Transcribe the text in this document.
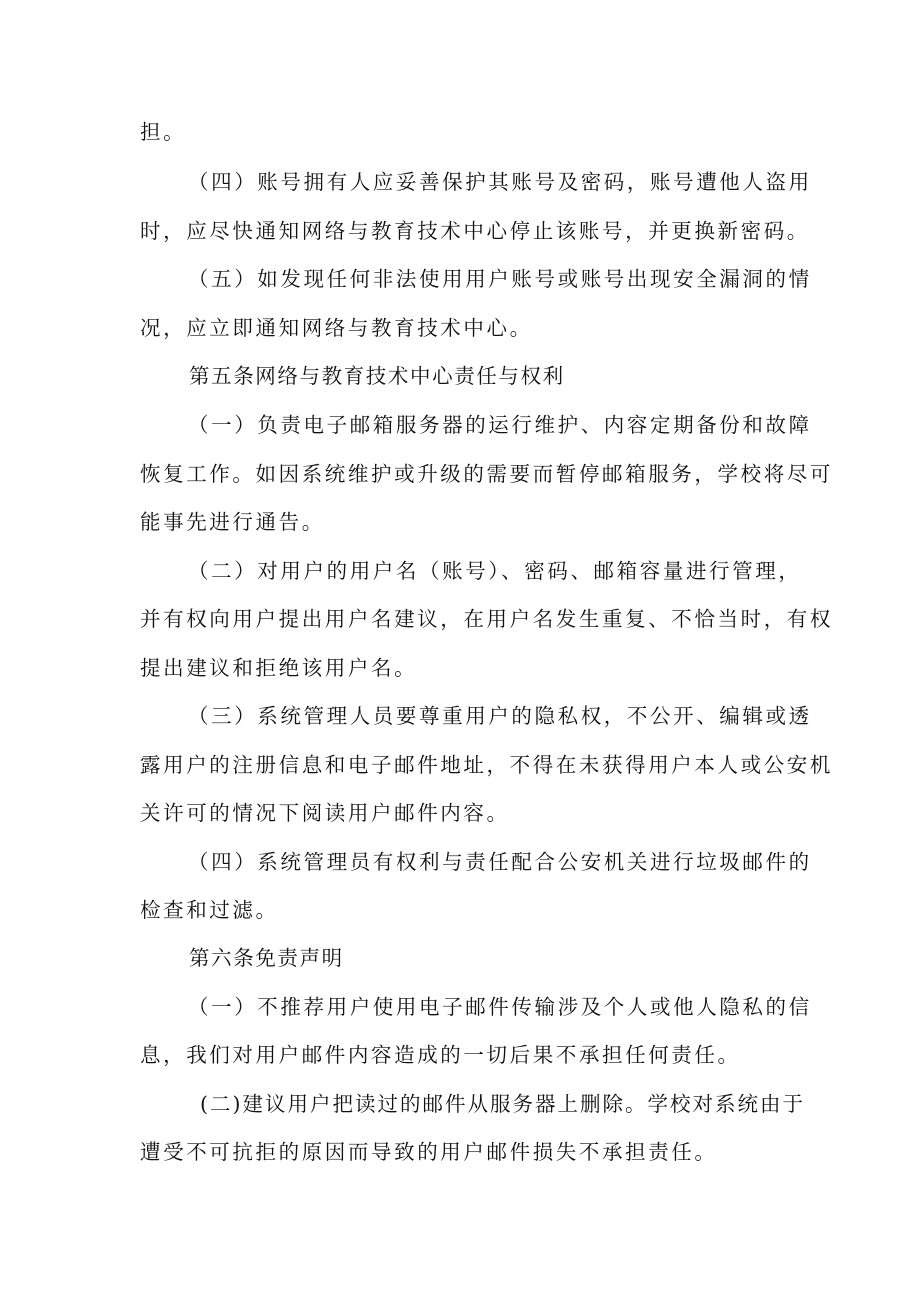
担。
（四）账号拥有人应妥善保护其账号及密码，账号遭他人盗用
时，应尽快通知网络与教育技术中心停止该账号，并更换新密码。
（五）如发现任何非法使用用户账号或账号出现安全漏洞的情
况，应立即通知网络与教育技术中心。
第五条网络与教育技术中心责任与权利
（一）负责电子邮箱服务器的运行维护、内容定期备份和故障
恢复工作。如因系统维护或升级的需要而暂停邮箱服务，学校将尽可
能事先进行通告。
（二）对用户的用户名（账号）、密码、邮箱容量进行管理，
并有权向用户提出用户名建议，在用户名发生重复、不恰当时，有权
提出建议和拒绝该用户名。
（三）系统管理人员要尊重用户的隐私权，不公开、编辑或透
露用户的注册信息和电子邮件地址，不得在未获得用户本人或公安机
关许可的情况下阅读用户邮件内容。
（四）系统管理员有权利与责任配合公安机关进行垃圾邮件的
检查和过滤。
第六条免责声明
（一）不推荐用户使用电子邮件传输涉及个人或他人隐私的信
息，我们对用户邮件内容造成的一切后果不承担任何责任。
(二)建议用户把读过的邮件从服务器上删除。学校对系统由于
遭受不可抗拒的原因而导致的用户邮件损失不承担责任。
